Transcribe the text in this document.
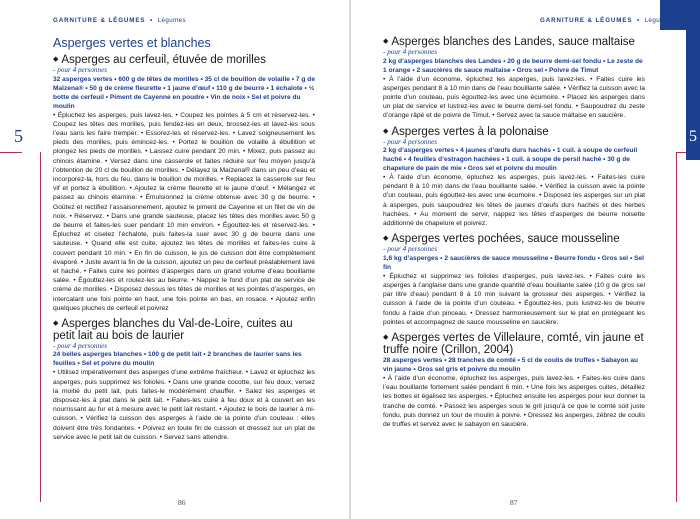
GARNITURE & LÉGUMES • Légumes
5
Asperges vertes et blanches

◆ Asperges au cerfeuil, étuvée de morilles

- pour 4 personnes
32 asperges vertes • 600 g de têtes de morilles • 35 cl de bouillon de volaille • 7 g de Maïzena® • 50 g de crème fleurette • 1 jaune d’œuf • 110 g de beurre • 1 échalote • ½ botte de cerfeuil • Piment de Cayenne en poudre • Vin de noix • Sel et poivre du moulin
• Épluchez les asperges, puis lavez-les. • Coupez les pointes à 5 cm et réservez-les. • Coupez les têtes des morilles, puis fendez-les en deux, brossez-les et lavez-les sous l’eau sans les faire tremper. • Essorez-les et réservez-les. • Lavez soigneusement les pieds des morilles, puis émincez-les. • Portez le bouillon de volaille à ébullition et plongez les pieds de morilles. • Laissez cuire pendant 20 min. • Mixez, puis passez au chinois étamine. • Versez dans une casserole et faites réduire sur feu moyen jusqu’à l’obtention de 20 cl de bouillon de morilles. • Délayez la Maïzena® dans un peu d’eau et incorporez-la, hors du feu, dans le bouillon de morilles. • Replacez la casserole sur feu vif et portez à ébullition. • Ajoutez la crème fleurette et le jaune d’œuf. • Mélangez et passez au chinois étamine. • Émulsionnez la crème obtenue avec 30 g de beurre. • Goûtez et rectifiez l’assaisonnement, ajoutez le piment de Cayenne et un filet de vin de noix. • Réservez. • Dans une grande sauteuse, placez les têtes des morilles avec 50 g de beurre et faites-les suer pendant 10 min environ. • Égouttez-les et réservez-les. • Épluchez et ciselez l’échalote, puis faites-la suer avec 30 g de beurre dans une sauteuse. • Quand elle est cuite, ajoutez les têtes de morilles et faites-les cuire à couvert pendant 10 min. • En fin de cuisson, le jus de cuisson doit être complètement évaporé. • Juste avant la fin de la cuisson, ajoutez un peu de cerfeuil préalablement lavé et haché. • Faites cuire les pointes d’asperges dans un grand volume d’eau bouillante salée. • Égouttez-les et roulez-les au beurre. • Nappez le fond d’un plat de service de crème de morilles. • Disposez dessus les têtes de morilles et les pointes d’asperges, en intercalant une fois pointe en haut, une fois pointe en bas, en rosace. • Ajoutez enfin quelques pluches de cerfeuil et poivrez

◆ Asperges blanches du Val-de-Loire, cuites au petit lait au bois de laurier

- pour 4 personnes
24 belles asperges blanches • 100 g de petit lait • 2 branches de laurier sans les feuilles • Sel et poivre du moulin
• Utilisez impérativement des asperges d’une extrême fraîcheur. • Lavez et épluchez les asperges, puis supprimez les folioles. • Dans une grande cocotte, sur feu doux, versez la moitié du petit lait, puis faites-le modérément chauffer. • Salez les asperges et disposez-les à plat dans le petit lait. • Faites-les cuire à feu doux et à couvert en les nourrissant au fur et à mesure avec le petit lait restant. • Ajoutez le bois de laurier à mi-cuisson. • Vérifiez la cuisson des asperges à l’aide de la pointe d’un couteau : elles doivent être très fondantes. • Poivrez en toute fin de cuisson et dressez sur un plat de service avec le petit lait de cuisson. • Servez sans attendre.
86
GARNITURE & LÉGUMES • Légumes

◆ Asperges blanches des Landes, sauce maltaise

- pour 4 personnes
2 kg d’asperges blanches des Landes • 20 g de beurre demi-sel fondu • Le zeste de 1 orange • 2 saucières de sauce maltaise • Gros sel • Poivre de Timut
• À l’aide d’un économe, épluchez les asperges, puis lavez-les. • Faites cuire les asperges pendant 8 à 10 min dans de l’eau bouillante salée. • Vérifiez la cuisson avec la pointe d’un couteau, puis égouttez-les avec une écumoire. • Placez les asperges dans un plat de service et lustrez-les avec le beurre demi-sel fondu. • Saupoudrez du zeste d’orange râpé et de poivre de Timut. • Servez avec la sauce maltaise en saucière.

◆ Asperges vertes à la polonaise

- pour 4 personnes
2 kg d’asperges vertes • 4 jaunes d’œufs durs hachés • 1 cuil. à soupe de cerfeuil haché • 4 feuilles d’estragon hachées • 1 cuil. à soupe de persil haché • 30 g de chapelure de pain de mie • Gros sel et poivre du moulin
• À l’aide d’un économe, épluchez les asperges, puis lavez-les. • Faites-les cuire pendant 8 à 10 min dans de l’eau bouillante salée. • Vérifiez la cuisson avec la pointe d’un couteau, puis égouttez-les avec une écumoire. • Disposez les asperges sur un plat à asperges, puis saupoudrez les têtes de jaunes d’œufs durs hachés et des herbes hachées. • Au moment de servir, nappez les têtes d’asperges de beurre noisette additionné de chapelure et poivrez.

◆ Asperges vertes pochées, sauce mousseline

- pour 4 personnes
1,6 kg d’asperges • 2 saucières de sauce mousseline • Beurre fondu • Gros sel • Sel fin
• Épluchez et supprimez les folioles d’asperges, puis lavez-les. • Faites cuire les asperges à l’anglaise dans une grande quantité d’eau bouillante salée (10 g de gros sel par litre d’eau) pendant 8 à 10 min suivant la grosseur des asperges. • Vérifiez la cuisson à l’aide de la pointe d’un couteau. • Égouttez-les, puis lustrez-les de beurre fondu à l’aide d’un pinceau. • Dressez harmonieusement sur le plat en protégeant les pointes et accompagnez de sauce mousseline en saucière.

◆ Asperges vertes de Villelaure, comté, vin jaune et truffe noire (Crillon, 2004)

28 asperges vertes • 28 tranches de comté • 5 cl de coulis de truffes • Sabayon au vin jaune • Gros sel gris et poivre du moulin
• À l’aide d’un économe, épluchez les asperges, puis lavez-les. • Faites-les cuire dans l’eau bouillante fortement salée pendant 6 min. • Une fois les asperges cuites, détaillez les bottes et égalisez les asperges. • Épluchez ensuite les asperges pour leur donner la tranche de comté. • Passez les asperges sous le gril jusqu’à ce que le comté soit juste fondu, puis donnez un tour de moulin à poivre. • Dressez les asperges, zébrez de coulis de truffes et servez avec le sabayon en saucière.
87
5
